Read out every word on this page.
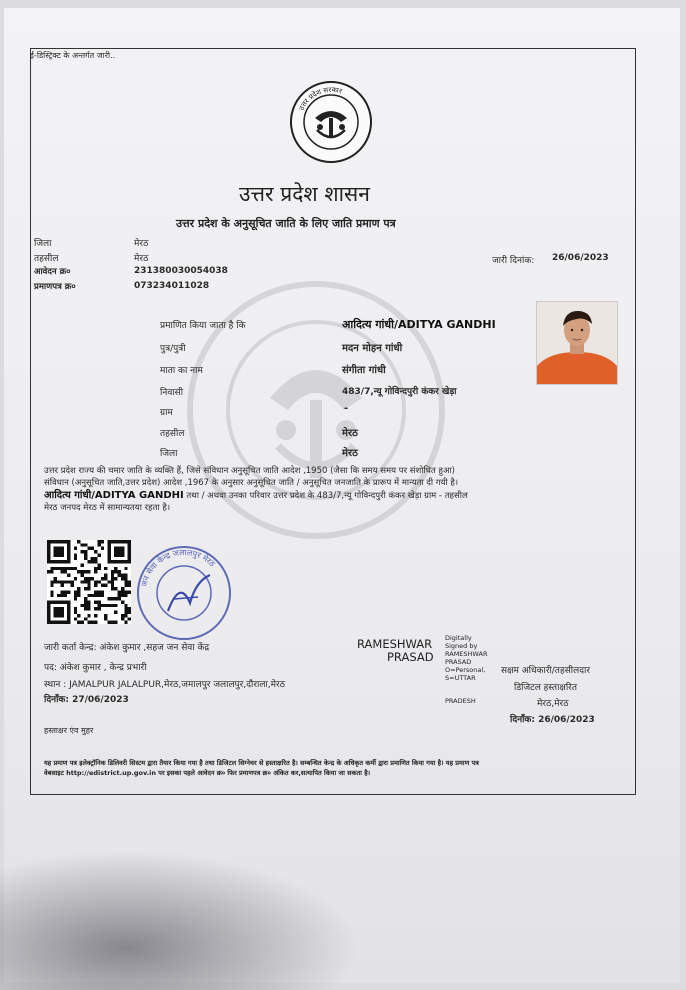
ई-डिस्ट्रिक्ट के अन्तर्गत जारी..
उत्तर प्रदेश सरकार
उत्तर प्रदेश शासन
उत्तर प्रदेश के अनुसूचित जाति के लिए जाति प्रमाण पत्र
जिला	मेरठ
तहसील	मेरठ
आवेदन क्र०	231380030054038
प्रमाणपत्र क्र०	073234011028
जारी दिनांक: 26/06/2023
प्रमाणित किया जाता है कि	आदित्य गांधी/ADITYA GANDHI
पुत्र/पुत्री	मदन मोहन गांधी
माता का नाम	संगीता गांधी
निवासी	483/7,न्यू गोविन्दपुरी कंकर खेड़ा
ग्राम	-
तहसील	मेरठ
जिला	मेरठ
उत्तर प्रदेश राज्य की चमार जाति के व्यक्ति हैं, जिसे संविधान अनुसूचित जाति आदेश ,1950 (जैसा कि समय समय पर संशोधित हुआ)
संविधान (अनुसूचित जाति,उत्तर प्रदेश) आदेश ,1967 के अनुसार अनुसूचित जाति / अनुसूचित जनजाति के प्रारूप में मान्यता दी गयी है।
आदित्य गांधी/ADITYA GANDHI तथा / अथवा उनका परिवार उत्तर प्रदेश के 483/7,न्यू गोविन्दपुरी कंकर खेड़ा ग्राम - तहसील
मेरठ जनपद मेरठ में सामान्यतया रहता है।
जन सेवा केन्द्र जलालपुर मेरठ
जारी कर्ता केन्द्र: अंकेश कुमार ,सहज जन सेवा केंद्र
पद: अंकेश कुमार , केन्द्र प्रभारी
स्थान : JAMALPUR JALALPUR,मेरठ,जमालपुर जलालपुर,दौराला,मेरठ
दिनाँक: 27/06/2023
RAMESHWAR
PRASAD
Digitally
Signed by
RAMESHWAR
PRASAD
O=Personal,
S=UTTAR
PRADESH
सक्षम अधिकारी/तहसीलदार
डिजिटल हस्ताक्षरित
मेरठ,मेरठ
दिनाँक: 26/06/2023
हस्ताक्षर एंव मुहर
यह प्रमाण पत्र इलेक्ट्रॉनिक डिलिवरी सिस्टम द्वारा तैयार किया गया है तथा डिजिटल सिग्नेचर से हस्ताक्षरित है। सम्बन्धित केन्द्र के अधिकृत कर्मी द्वारा प्रमाणित किया गया है। यह प्रमाण पत्र
वेबसाइट http://edistrict.up.gov.in पर इसका पहले आवेदन क्र० फिर प्रमाणपत्र क्र० अंकित कर,सत्यापित किया जा सकता है।
